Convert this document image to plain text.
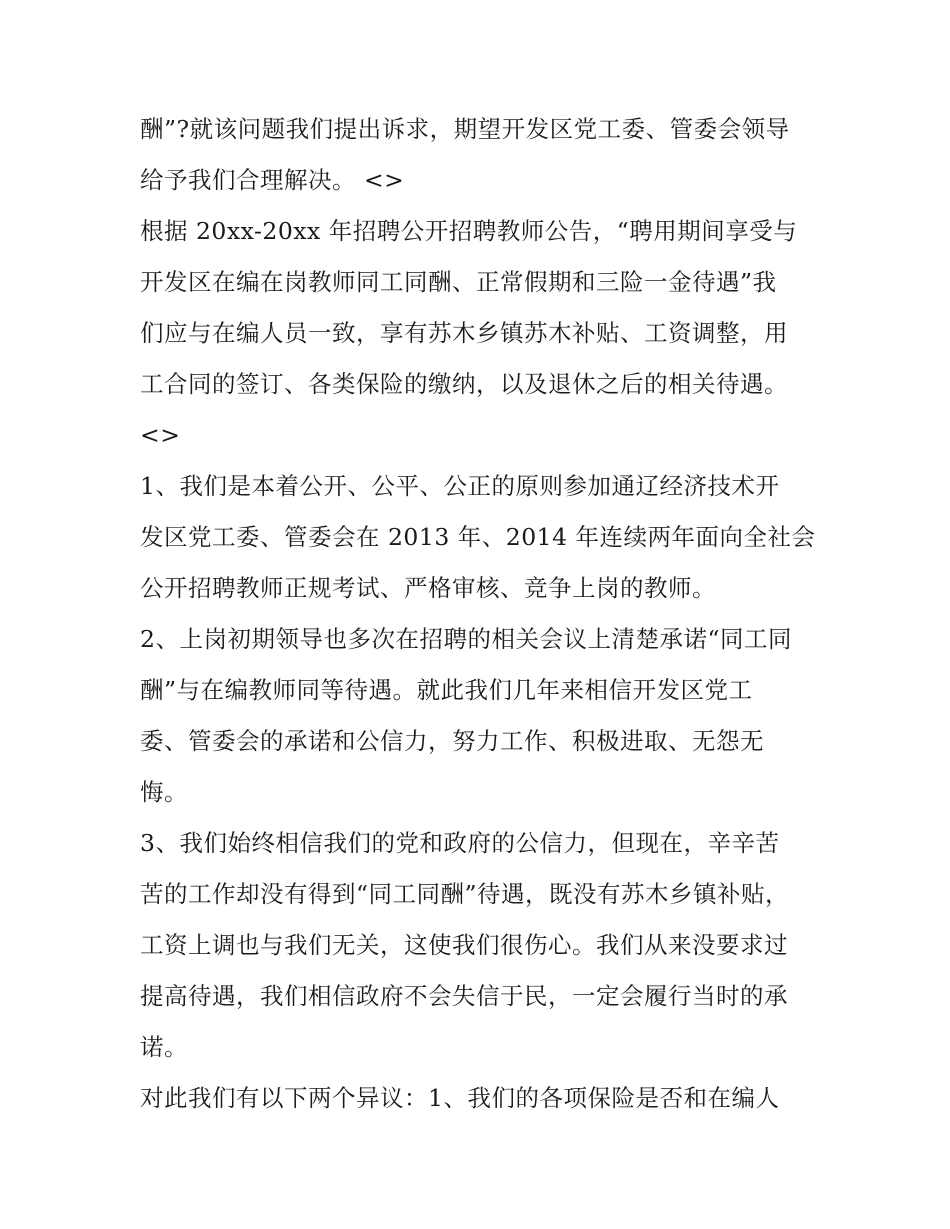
酬”?就该问题我们提出诉求，期望开发区党工委、管委会领导
给予我们合理解决。 <>

根据 20xx-20xx 年招聘公开招聘教师公告，“聘用期间享受与
开发区在编在岗教师同工同酬、正常假期和三险一金待遇”我
们应与在编人员一致，享有苏木乡镇苏木补贴、工资调整，用
工合同的签订、各类保险的缴纳，以及退休之后的相关待遇。
<>

1、我们是本着公开、公平、公正的原则参加通辽经济技术开
发区党工委、管委会在 2013 年、2014 年连续两年面向全社会
公开招聘教师正规考试、严格审核、竞争上岗的教师。

2、上岗初期领导也多次在招聘的相关会议上清楚承诺“同工同
酬”与在编教师同等待遇。就此我们几年来相信开发区党工
委、管委会的承诺和公信力，努力工作、积极进取、无怨无
悔。

3、我们始终相信我们的党和政府的公信力，但现在，辛辛苦
苦的工作却没有得到“同工同酬”待遇，既没有苏木乡镇补贴，
工资上调也与我们无关，这使我们很伤心。我们从来没要求过
提高待遇，我们相信政府不会失信于民，一定会履行当时的承
诺。

对此我们有以下两个异议：1、我们的各项保险是否和在编人
